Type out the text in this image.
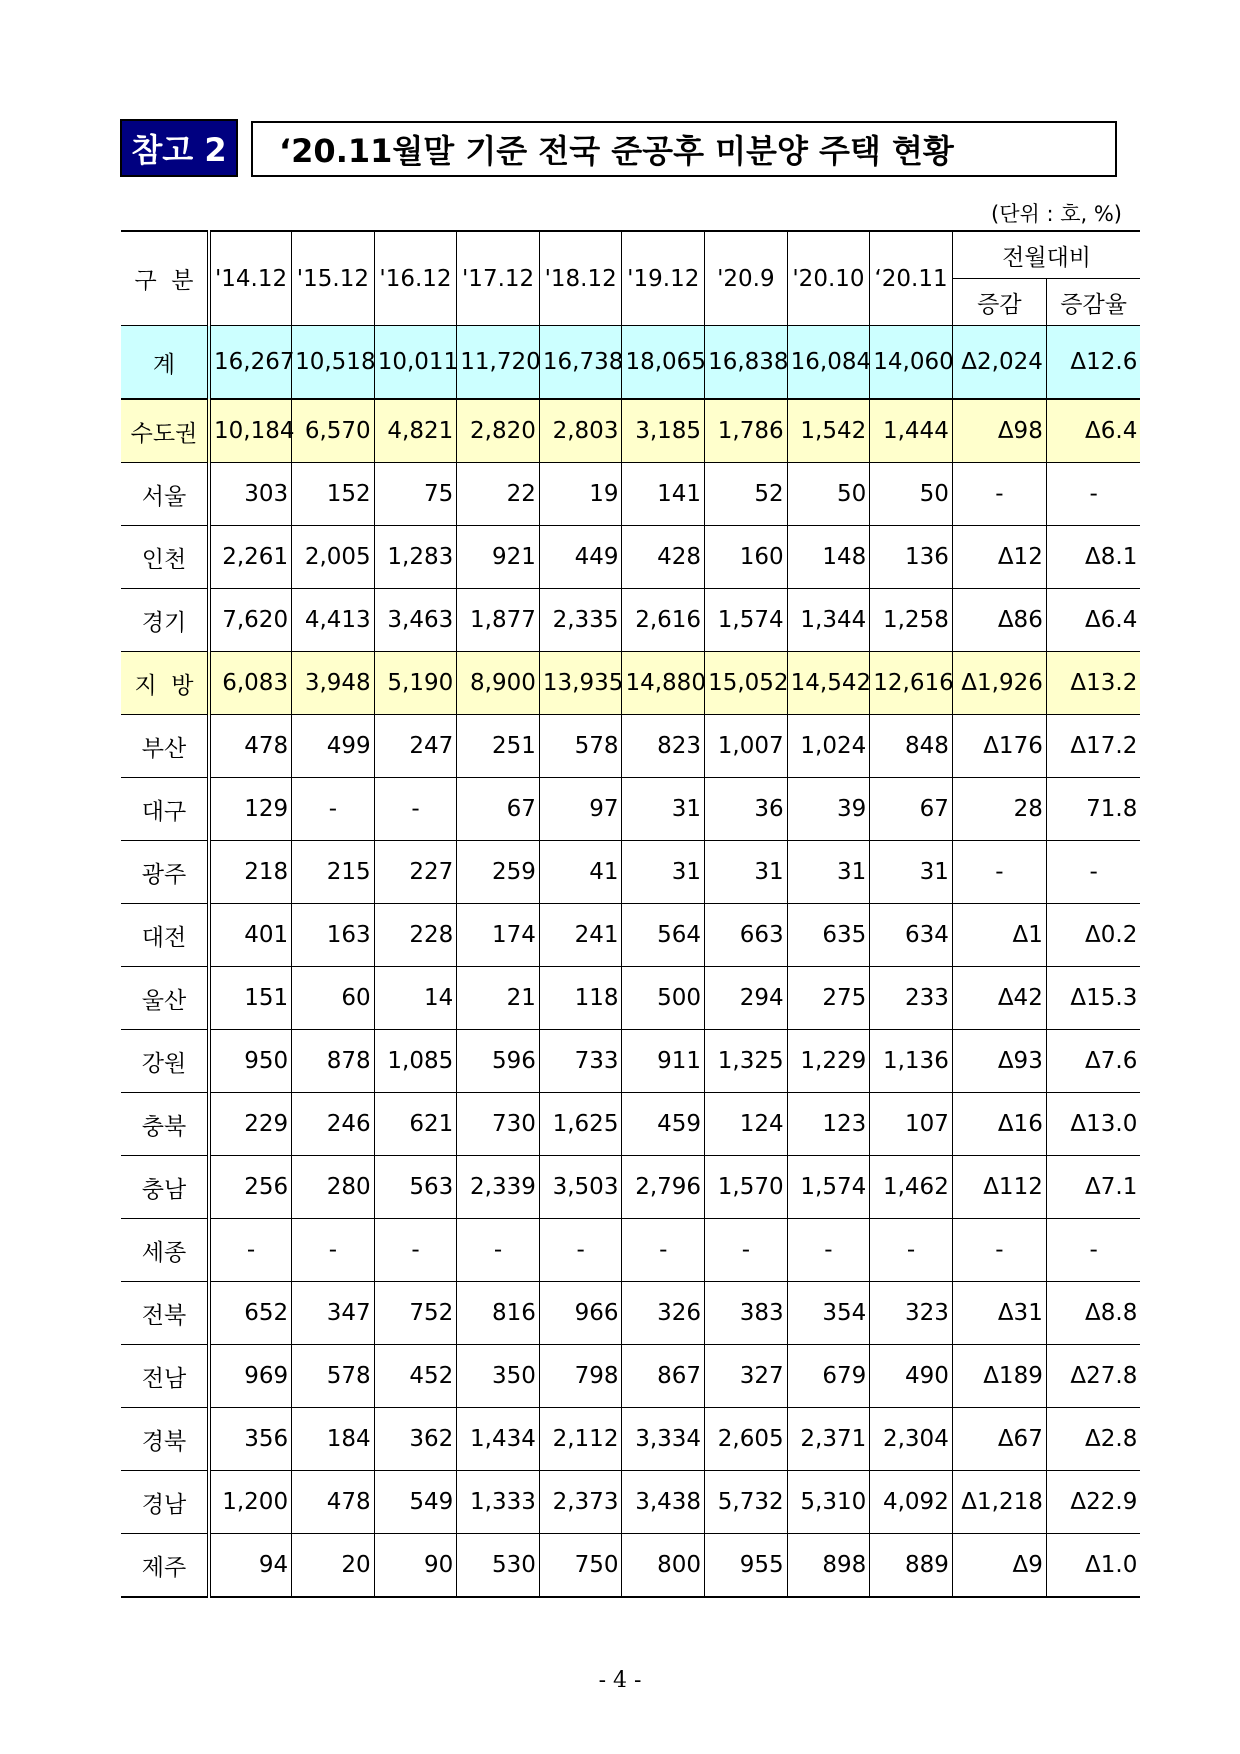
참고 2	‘20.11월말 기준 전국 준공후 미분양 주택 현황
(단위 : 호, %)
구  분	'14.12	'15.12	'16.12	'17.12	'18.12	'19.12	'20.9	'20.10	‘20.11	전월대비	
										증감	증감율
계	16,267	10,518	10,011	11,720	16,738	18,065	16,838	16,084	14,060	Δ2,024	Δ12.6
수도권	10,184	6,570	4,821	2,820	2,803	3,185	1,786	1,542	1,444	Δ98	Δ6.4
서울	303	152	75	22	19	141	52	50	50	-	-
인천	2,261	2,005	1,283	921	449	428	160	148	136	Δ12	Δ8.1
경기	7,620	4,413	3,463	1,877	2,335	2,616	1,574	1,344	1,258	Δ86	Δ6.4
지  방	6,083	3,948	5,190	8,900	13,935	14,880	15,052	14,542	12,616	Δ1,926	Δ13.2
부산	478	499	247	251	578	823	1,007	1,024	848	Δ176	Δ17.2
대구	129	-	-	67	97	31	36	39	67	28	71.8
광주	218	215	227	259	41	31	31	31	31	-	-
대전	401	163	228	174	241	564	663	635	634	Δ1	Δ0.2
울산	151	60	14	21	118	500	294	275	233	Δ42	Δ15.3
강원	950	878	1,085	596	733	911	1,325	1,229	1,136	Δ93	Δ7.6
충북	229	246	621	730	1,625	459	124	123	107	Δ16	Δ13.0
충남	256	280	563	2,339	3,503	2,796	1,570	1,574	1,462	Δ112	Δ7.1
세종	-	-	-	-	-	-	-	-	-	-	-
전북	652	347	752	816	966	326	383	354	323	Δ31	Δ8.8
전남	969	578	452	350	798	867	327	679	490	Δ189	Δ27.8
경북	356	184	362	1,434	2,112	3,334	2,605	2,371	2,304	Δ67	Δ2.8
경남	1,200	478	549	1,333	2,373	3,438	5,732	5,310	4,092	Δ1,218	Δ22.9
제주	94	20	90	530	750	800	955	898	889	Δ9	Δ1.0
- 4 -
